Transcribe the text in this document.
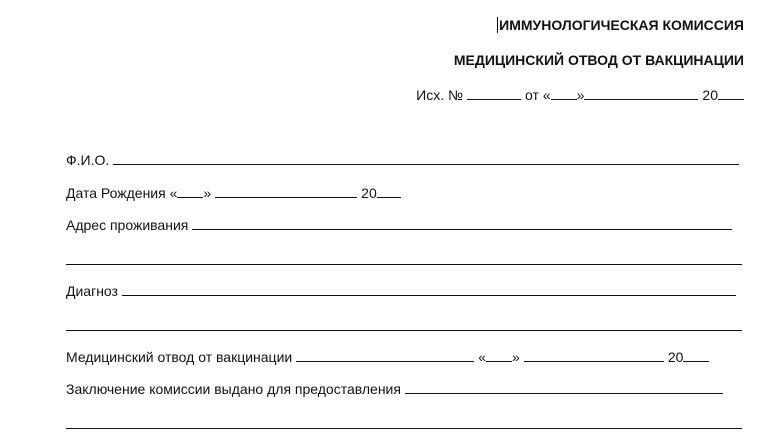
ИММУНОЛОГИЧЕСКАЯ КОМИССИЯ
МЕДИЦИНСКИЙ ОТВОД ОТ ВАКЦИНАЦИИ
Исх. №	от « »	20
Ф.И.О.
Дата Рождения « »	20
Адрес проживания
Диагноз
Медицинский отвод от вакцинации	« »	20
Заключение комиссии выдано для предоставления
